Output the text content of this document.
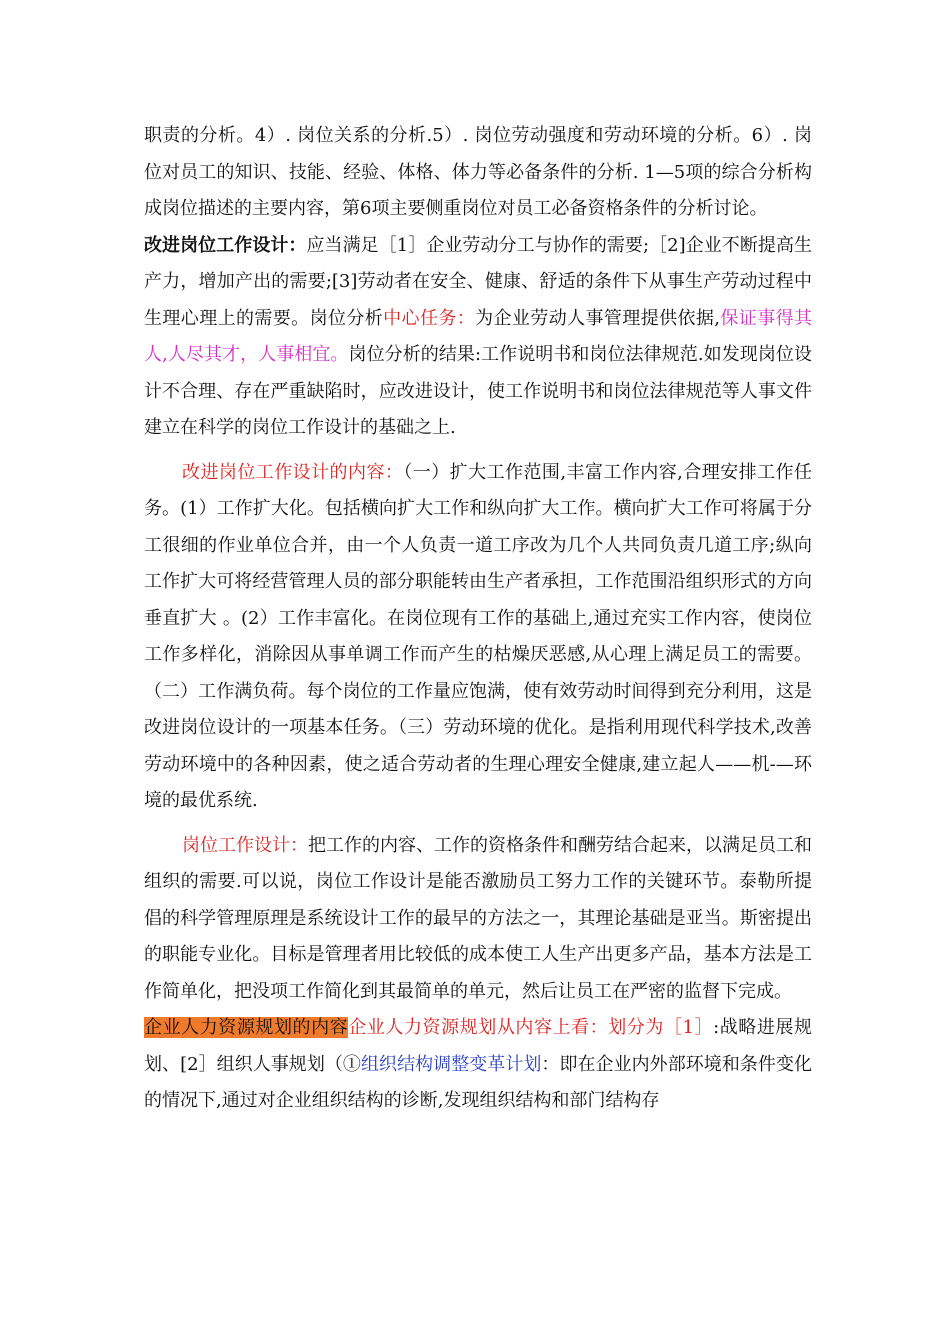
职责的分析。4）. 岗位关系的分析.5）. 岗位劳动强度和劳动环境的分析。6）. 岗位对员工的知识、技能、经验、体格、体力等必备条件的分析. 1—5项的综合分析构成岗位描述的主要内容，第6项主要侧重岗位对员工必备资格条件的分析讨论。

改进岗位工作设计：应当满足［1］企业劳动分工与协作的需要;［2]企业不断提高生产力，增加产出的需要;[3]劳动者在安全、健康、舒适的条件下从事生产劳动过程中生理心理上的需要。岗位分析中心任务：为企业劳动人事管理提供依据,保证事得其人,人尽其才，人事相宜。岗位分析的结果:工作说明书和岗位法律规范.如发现岗位设计不合理、存在严重缺陷时，应改进设计，使工作说明书和岗位法律规范等人事文件建立在科学的岗位工作设计的基础之上.

改进岗位工作设计的内容：（一）扩大工作范围,丰富工作内容,合理安排工作任务。(1）工作扩大化。包括横向扩大工作和纵向扩大工作。横向扩大工作可将属于分工很细的作业单位合并，由一个人负责一道工序改为几个人共同负责几道工序;纵向工作扩大可将经营管理人员的部分职能转由生产者承担，工作范围沿组织形式的方向垂直扩大 。(2）工作丰富化。在岗位现有工作的基础上,通过充实工作内容，使岗位工作多样化，消除因从事单调工作而产生的枯燥厌恶感,从心理上满足员工的需要。（二）工作满负荷。每个岗位的工作量应饱满，使有效劳动时间得到充分利用，这是改进岗位设计的一项基本任务。（三）劳动环境的优化。是指利用现代科学技术,改善劳动环境中的各种因素，使之适合劳动者的生理心理安全健康,建立起人——机-—环境的最优系统.

岗位工作设计：把工作的内容、工作的资格条件和酬劳结合起来，以满足员工和组织的需要.可以说，岗位工作设计是能否激励员工努力工作的关键环节。泰勒所提倡的科学管理原理是系统设计工作的最早的方法之一，其理论基础是亚当。斯密提出的职能专业化。目标是管理者用比较低的成本使工人生产出更多产品，基本方法是工作简单化，把没项工作简化到其最简单的单元，然后让员工在严密的监督下完成。

企业人力资源规划的内容企业人力资源规划从内容上看：划分为［1］:战略进展规划、[2］组织人事规划（①组织结构调整变革计划：即在企业内外部环境和条件变化的情况下,通过对企业组织结构的诊断,发现组织结构和部门结构存
